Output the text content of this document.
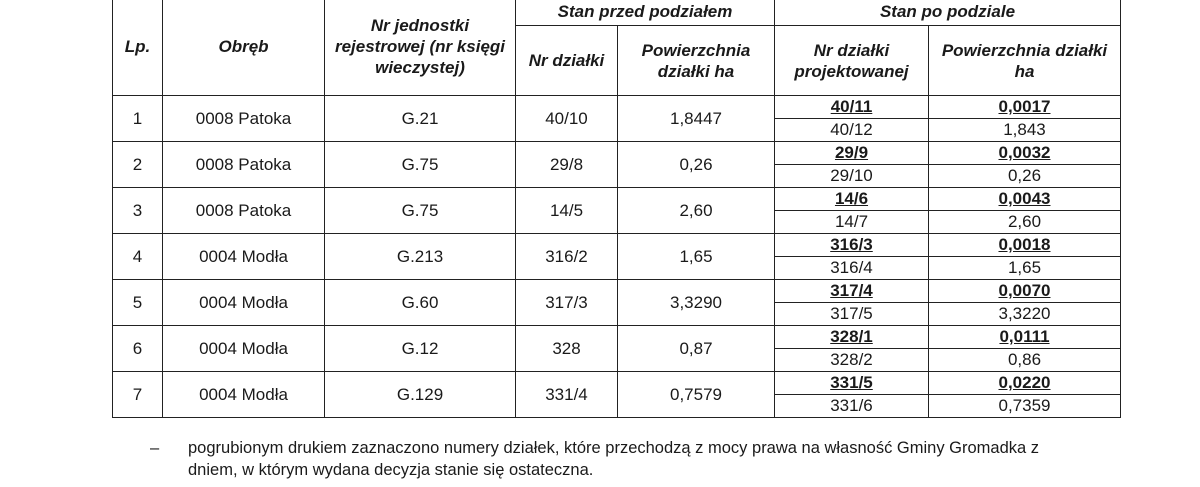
Lp.	Obręb	Nr jednostki rejestrowej (nr księgi wieczystej)	Stan przed podziałem		Stan po podziale	
			Nr działki	Powierzchnia działki ha	Nr działki projektowanej	Powierzchnia działki ha
1	0008 Patoka	G.21	40/10	1,8447	40/11	0,0017
					40/12	1,843
2	0008 Patoka	G.75	29/8	0,26	29/9	0,0032
					29/10	0,26
3	0008 Patoka	G.75	14/5	2,60	14/6	0,0043
					14/7	2,60
4	0004 Modła	G.213	316/2	1,65	316/3	0,0018
					316/4	1,65
5	0004 Modła	G.60	317/3	3,3290	317/4	0,0070
					317/5	3,3220
6	0004 Modła	G.12	328	0,87	328/1	0,0111
					328/2	0,86
7	0004 Modła	G.129	331/4	0,7579	331/5	0,0220
					331/6	0,7359
–	pogrubionym drukiem zaznaczono numery działek, które przechodzą z mocy prawa na własność Gminy Gromadka z dniem, w którym wydana decyzja stanie się ostateczna.
